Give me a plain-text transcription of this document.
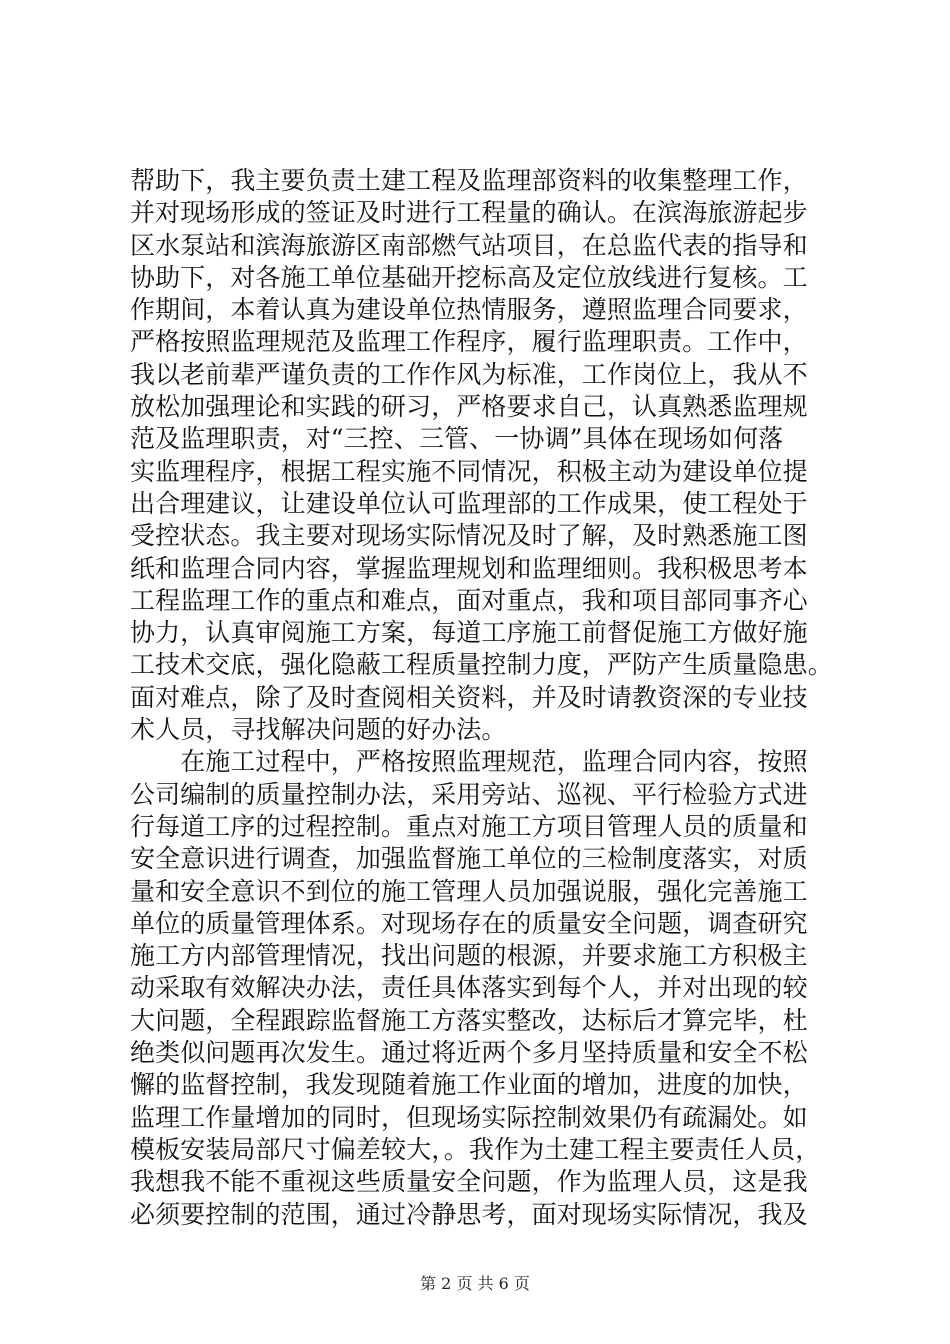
帮助下，我主要负责土建工程及监理部资料的收集整理工作，
并对现场形成的签证及时进行工程量的确认。在滨海旅游起步
区水泵站和滨海旅游区南部燃气站项目，在总监代表的指导和
协助下，对各施工单位基础开挖标高及定位放线进行复核。工
作期间，本着认真为建设单位热情服务，遵照监理合同要求，
严格按照监理规范及监理工作程序，履行监理职责。工作中，
我以老前辈严谨负责的工作作风为标准，工作岗位上，我从不
放松加强理论和实践的研习，严格要求自己，认真熟悉监理规
范及监理职责，对“三控、三管、一协调”具体在现场如何落
实监理程序，根据工程实施不同情况，积极主动为建设单位提
出合理建议，让建设单位认可监理部的工作成果，使工程处于
受控状态。我主要对现场实际情况及时了解，及时熟悉施工图
纸和监理合同内容，掌握监理规划和监理细则。我积极思考本
工程监理工作的重点和难点，面对重点，我和项目部同事齐心
协力，认真审阅施工方案，每道工序施工前督促施工方做好施
工技术交底，强化隐蔽工程质量控制力度，严防产生质量隐患。
面对难点，除了及时查阅相关资料，并及时请教资深的专业技
术人员，寻找解决问题的好办法。
　　在施工过程中，严格按照监理规范，监理合同内容，按照
公司编制的质量控制办法，采用旁站、巡视、平行检验方式进
行每道工序的过程控制。重点对施工方项目管理人员的质量和
安全意识进行调查，加强监督施工单位的三检制度落实，对质
量和安全意识不到位的施工管理人员加强说服，强化完善施工
单位的质量管理体系。对现场存在的质量安全问题，调查研究
施工方内部管理情况，找出问题的根源，并要求施工方积极主
动采取有效解决办法，责任具体落实到每个人，并对出现的较
大问题，全程跟踪监督施工方落实整改，达标后才算完毕，杜
绝类似问题再次发生。通过将近两个多月坚持质量和安全不松
懈的监督控制，我发现随着施工作业面的增加，进度的加快，
监理工作量增加的同时，但现场实际控制效果仍有疏漏处。如
模板安装局部尺寸偏差较大，。我作为土建工程主要责任人员，
我想我不能不重视这些质量安全问题，作为监理人员，这是我
必须要控制的范围，通过冷静思考，面对现场实际情况，我及
第 2 页 共 6 页
